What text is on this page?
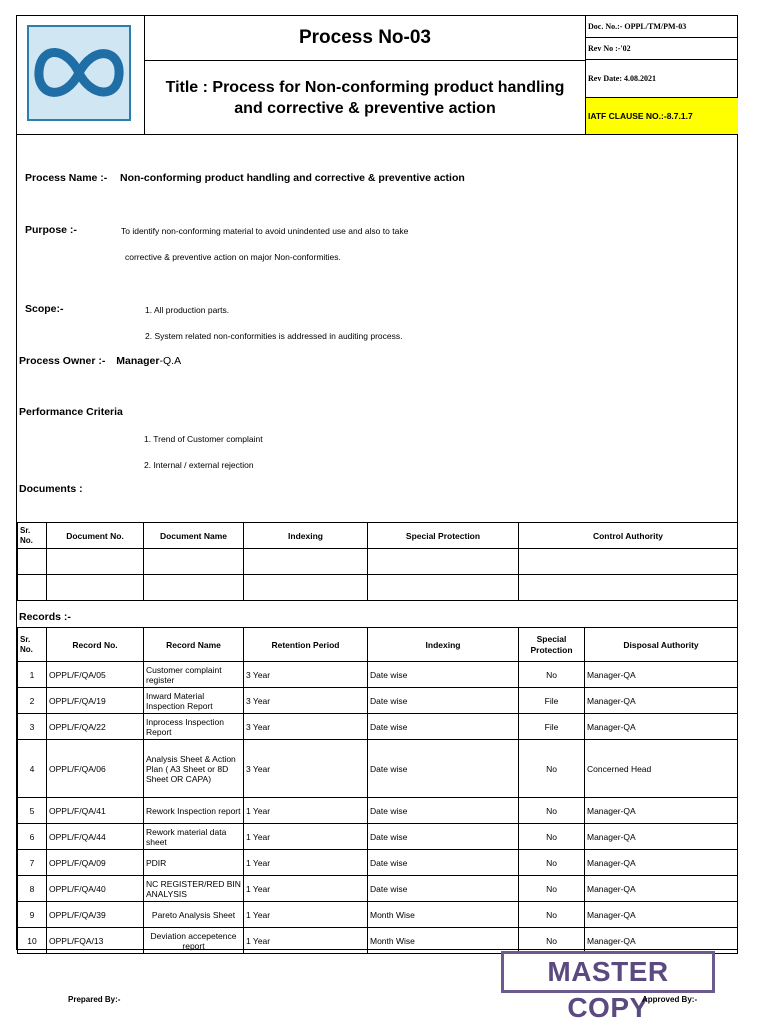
Process No-03
Title : Process for Non-conforming product handling
and corrective & preventive action
Doc. No.:- OPPL/TM/PM-03
Rev No :-'02
Rev Date: 4.08.2021
IATF CLAUSE NO.:-8.7.1.7
Process Name :- Non-conforming product handling and corrective & preventive action
Purpose :-	To identify non-conforming material to avoid unindented use and also to take
corrective & preventive action on major Non-conformities.
Scope:-	1. All production parts.
2. System related non-conformities is addressed in auditing process.
Process Owner :- Manager-Q.A
Performance Criteria
1. Trend of Customer complaint
2. Internal / external rejection
Documents :
Sr. No.	Document No.	Document Name	Indexing	Special Protection	Control Authority

Records :-
Sr. No.	Record No.	Record Name	Retention Period	Indexing	Special Protection	Disposal Authority
1	OPPL/F/QA/05	Customer complaint register	3 Year	Date wise	No	Manager-QA
2	OPPL/F/QA/19	Inward Material Inspection Report	3 Year	Date wise	File	Manager-QA
3	OPPL/F/QA/22	Inprocess Inspection Report	3 Year	Date wise	File	Manager-QA
4	OPPL/F/QA/06	Analysis Sheet & Action Plan ( A3 Sheet or 8D Sheet OR CAPA)	3 Year	Date wise	No	Concerned Head
5	OPPL/F/QA/41	Rework Inspection report	1 Year	Date wise	No	Manager-QA
6	OPPL/F/QA/44	Rework material data sheet	1 Year	Date wise	No	Manager-QA
7	OPPL/F/QA/09	PDIR	1 Year	Date wise	No	Manager-QA
8	OPPL/F/QA/40	NC REGISTER/RED BIN ANALYSIS	1 Year	Date wise	No	Manager-QA
9	OPPL/F/QA/39	Pareto Analysis Sheet	1 Year	Month Wise	No	Manager-QA
10	OPPL/FQA/13	Deviation accepetence report	1 Year	Month Wise	No	Manager-QA
MASTER COPY
Prepared By:-	Approved By:-
